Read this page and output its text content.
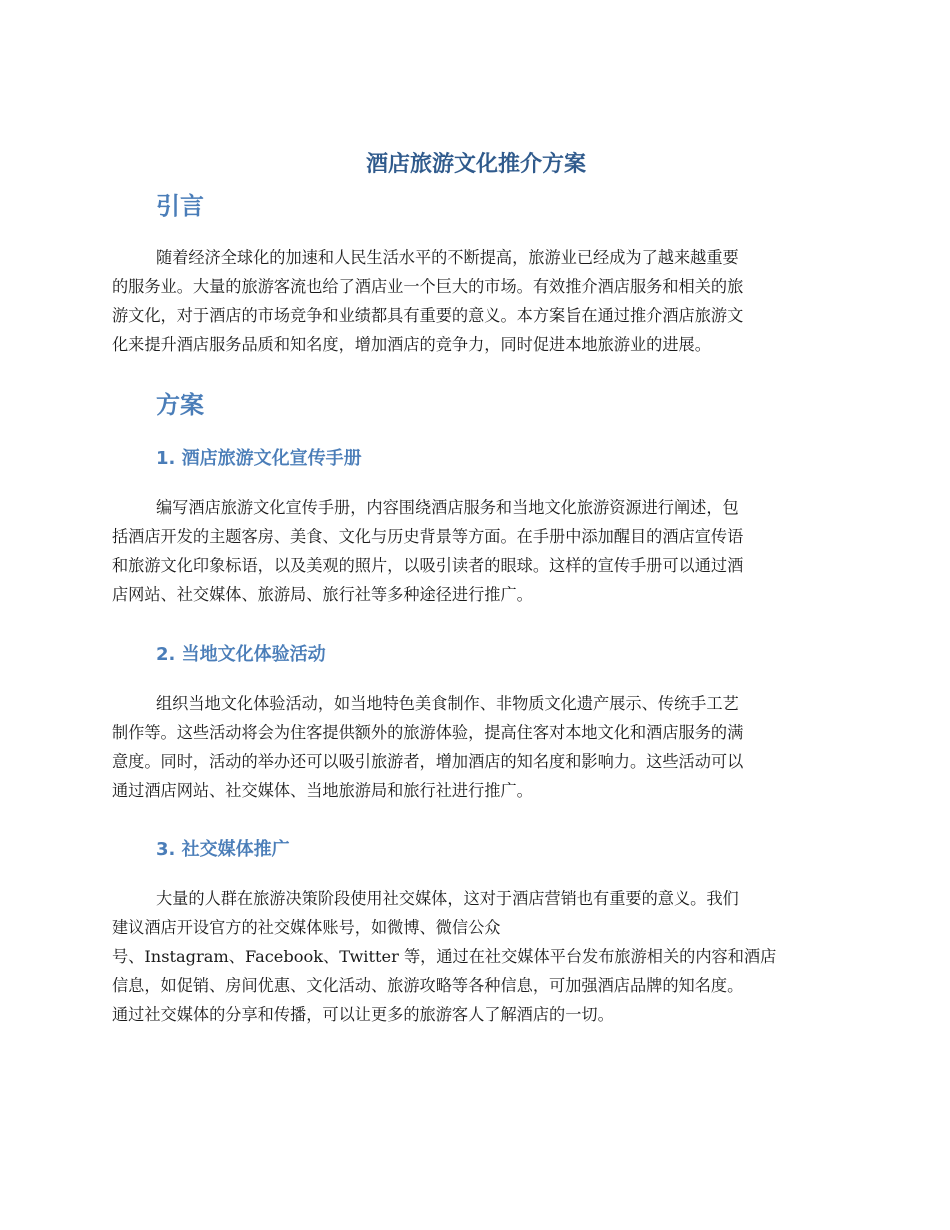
酒店旅游文化推介方案
引言
随着经济全球化的加速和人民生活水平的不断提高，旅游业已经成为了越来越重要
的服务业。大量的旅游客流也给了酒店业一个巨大的市场。有效推介酒店服务和相关的旅
游文化，对于酒店的市场竞争和业绩都具有重要的意义。本方案旨在通过推介酒店旅游文
化来提升酒店服务品质和知名度，增加酒店的竞争力，同时促进本地旅游业的进展。
方案
1. 酒店旅游文化宣传手册
编写酒店旅游文化宣传手册，内容围绕酒店服务和当地文化旅游资源进行阐述，包
括酒店开发的主题客房、美食、文化与历史背景等方面。在手册中添加醒目的酒店宣传语
和旅游文化印象标语，以及美观的照片，以吸引读者的眼球。这样的宣传手册可以通过酒
店网站、社交媒体、旅游局、旅行社等多种途径进行推广。
2. 当地文化体验活动
组织当地文化体验活动，如当地特色美食制作、非物质文化遗产展示、传统手工艺
制作等。这些活动将会为住客提供额外的旅游体验，提高住客对本地文化和酒店服务的满
意度。同时，活动的举办还可以吸引旅游者，增加酒店的知名度和影响力。这些活动可以
通过酒店网站、社交媒体、当地旅游局和旅行社进行推广。
3. 社交媒体推广
大量的人群在旅游决策阶段使用社交媒体，这对于酒店营销也有重要的意义。我们
建议酒店开设官方的社交媒体账号，如微博、微信公众
号、Instagram、Facebook、Twitter 等，通过在社交媒体平台发布旅游相关的内容和酒店
信息，如促销、房间优惠、文化活动、旅游攻略等各种信息，可加强酒店品牌的知名度。
通过社交媒体的分享和传播，可以让更多的旅游客人了解酒店的一切。
